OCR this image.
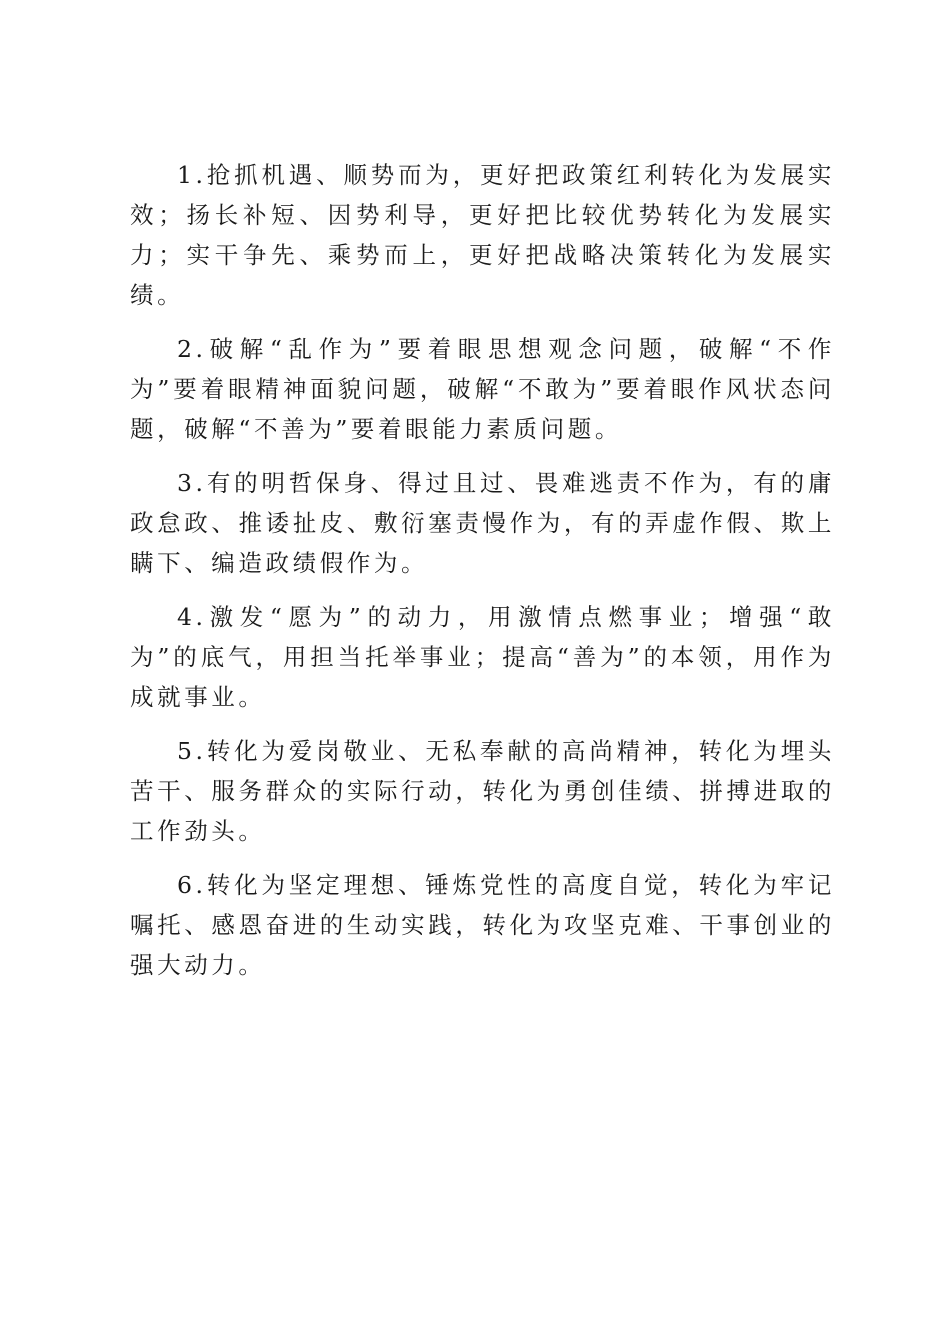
1.抢抓机遇、顺势而为，更好把政策红利转化为发展实效；扬长补短、因势利导，更好把比较优势转化为发展实力；实干争先、乘势而上，更好把战略决策转化为发展实绩。

2.破解“乱作为”要着眼思想观念问题，破解“不作为”要着眼精神面貌问题，破解“不敢为”要着眼作风状态问题，破解“不善为”要着眼能力素质问题。

3.有的明哲保身、得过且过、畏难逃责不作为，有的庸政怠政、推诿扯皮、敷衍塞责慢作为，有的弄虚作假、欺上瞒下、编造政绩假作为。

4.激发“愿为”的动力，用激情点燃事业；增强“敢为”的底气，用担当托举事业；提高“善为”的本领，用作为成就事业。

5.转化为爱岗敬业、无私奉献的高尚精神，转化为埋头苦干、服务群众的实际行动，转化为勇创佳绩、拼搏进取的工作劲头。

6.转化为坚定理想、锤炼党性的高度自觉，转化为牢记嘱托、感恩奋进的生动实践，转化为攻坚克难、干事创业的强大动力。
